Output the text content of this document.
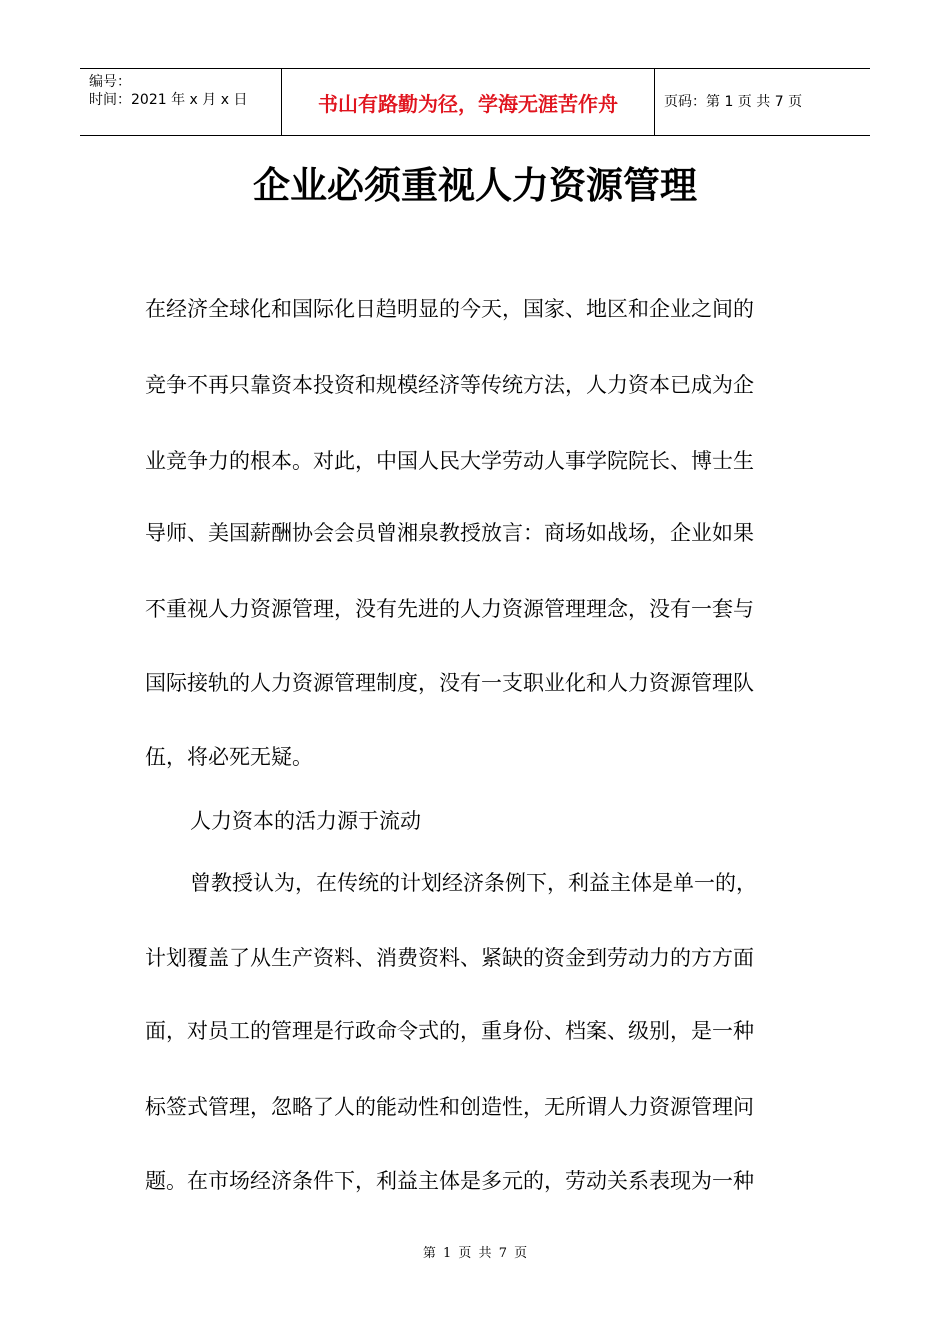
编号：
时间：2021 年 x 月 x 日	书山有路勤为径，学海无涯苦作舟	页码：第 1 页 共 7 页
企业必须重视人力资源管理
在经济全球化和国际化日趋明显的今天，国家、地区和企业之间的
竞争不再只靠资本投资和规模经济等传统方法，人力资本已成为企
业竞争力的根本。对此，中国人民大学劳动人事学院院长、博士生
导师、美国薪酬协会会员曾湘泉教授放言：商场如战场，企业如果
不重视人力资源管理，没有先进的人力资源管理理念，没有一套与
国际接轨的人力资源管理制度，没有一支职业化和人力资源管理队
伍，将必死无疑。
人力资本的活力源于流动
曾教授认为，在传统的计划经济条例下，利益主体是单一的，
计划覆盖了从生产资料、消费资料、紧缺的资金到劳动力的方方面
面，对员工的管理是行政命令式的，重身份、档案、级别，是一种
标签式管理，忽略了人的能动性和创造性，无所谓人力资源管理问
题。在市场经济条件下，利益主体是多元的，劳动关系表现为一种
第 1 页 共 7 页
